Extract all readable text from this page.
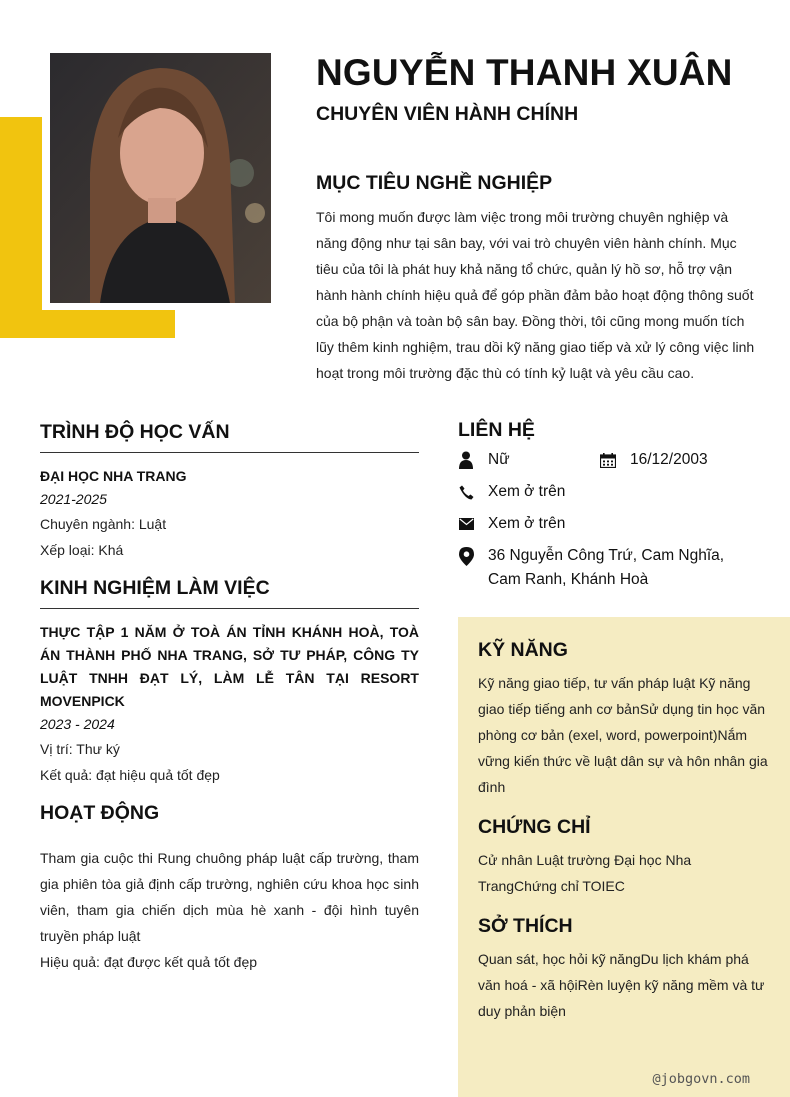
NGUYỄN THANH XUÂN
CHUYÊN VIÊN HÀNH CHÍNH
MỤC TIÊU NGHỀ NGHIỆP

Tôi mong muốn được làm việc trong môi trường chuyên nghiệp và năng động như tại sân bay, với vai trò chuyên viên hành chính. Mục tiêu của tôi là phát huy khả năng tổ chức, quản lý hồ sơ, hỗ trợ vận hành hành chính hiệu quả để góp phần đảm bảo hoạt động thông suốt của bộ phận và toàn bộ sân bay. Đồng thời, tôi cũng mong muốn tích lũy thêm kinh nghiệm, trau dồi kỹ năng giao tiếp và xử lý công việc linh hoạt trong môi trường đặc thù có tính kỷ luật và yêu cầu cao.

TRÌNH ĐỘ HỌC VẤN
ĐẠI HỌC NHA TRANG
2021-2025
Chuyên ngành: Luật
Xếp loại: Khá
KINH NGHIỆM LÀM VIỆC
THỰC TẬP 1 NĂM Ở TOÀ ÁN TỈNH KHÁNH HOÀ, TOÀ ÁN THÀNH PHỐ NHA TRANG, SỞ TƯ PHÁP, CÔNG TY LUẬT TNHH ĐẠT LÝ, LÀM LỄ TÂN TẠI RESORT MOVENPICK
2023 - 2024
Vị trí: Thư ký
Kết quả: đạt hiệu quả tốt đẹp
HOẠT ĐỘNG
Tham gia cuộc thi Rung chuông pháp luật cấp trường, tham gia phiên tòa giả định cấp trường, nghiên cứu khoa học sinh viên, tham gia chiến dịch mùa hè xanh - đội hình tuyên truyền pháp luật
Hiệu quả: đạt được kết quả tốt đẹp
LIÊN HỆ
Nữ	16/12/2003
Xem ở trên
Xem ở trên
36 Nguyễn Công Trứ, Cam Nghĩa, Cam Ranh, Khánh Hoà
KỸ NĂNG

Kỹ năng giao tiếp, tư vấn pháp luật Kỹ năng giao tiếp tiếng anh cơ bảnSử dụng tin học văn phòng cơ bản (exel, word, powerpoint)Nắm vững kiến thức về luật dân sự và hôn nhân gia đình

CHỨNG CHỈ

Cử nhân Luật trường Đại học Nha TrangChứng chỉ TOIEC

SỞ THÍCH

Quan sát, học hỏi kỹ năngDu lịch khám phá văn hoá - xã hộiRèn luyện kỹ năng mềm và tư duy phản biện

@jobgovn.com
